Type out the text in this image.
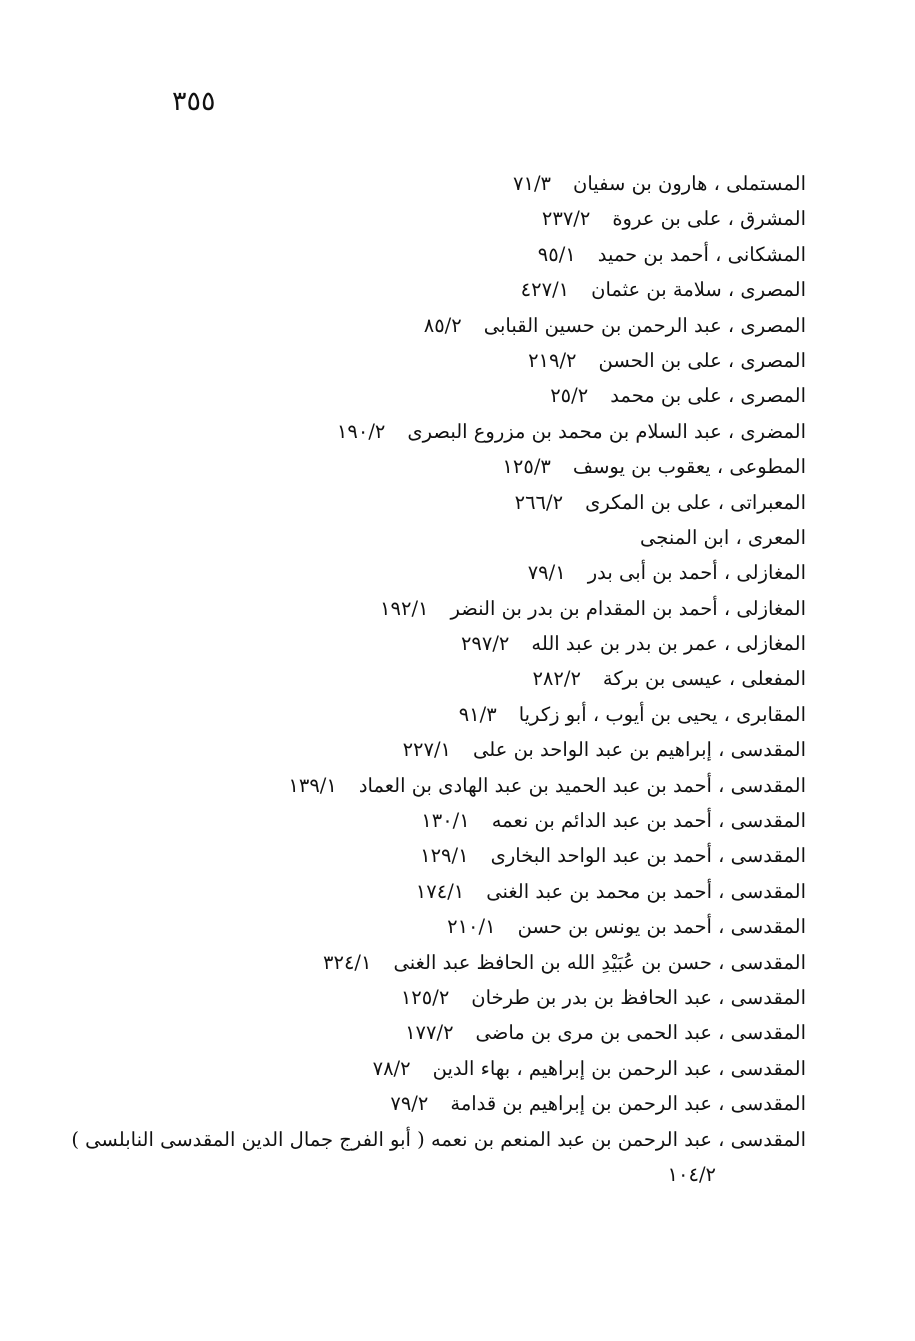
٣٥٥
المستملى ، هارون بن سفيان٧١/٣
المشرق ، على بن عروة٢٣٧/٢
المشكانى ، أحمد بن حميد٩٥/١
المصرى ، سلامة بن عثمان٤٢٧/١
المصرى ، عبد الرحمن بن حسين القبابى٨٥/٢
المصرى ، على بن الحسن٢١٩/٢
المصرى ، على بن محمد٢٥/٢
المضرى ، عبد السلام بن محمد بن مزروع البصرى١٩٠/٢
المطوعى ، يعقوب بن يوسف١٢٥/٣
المعبراتى ، على بن المكرى٢٦٦/٢
المعرى ، ابن المنجى
المغازلى ، أحمد بن أبى بدر٧٩/١
المغازلى ، أحمد بن المقدام بن بدر بن النضر١٩٢/١
المغازلى ، عمر بن بدر بن عبد الله٢٩٧/٢
المفعلى ، عيسى بن بركة٢٨٢/٢
المقابرى ، يحيى بن أيوب ، أبو زكريا٩١/٣
المقدسى ، إبراهيم بن عبد الواحد بن على٢٢٧/١
المقدسى ، أحمد بن عبد الحميد بن عبد الهادى بن العماد١٣٩/١
المقدسى ، أحمد بن عبد الدائم بن نعمه١٣٠/١
المقدسى ، أحمد بن عبد الواحد البخارى١٢٩/١
المقدسى ، أحمد بن محمد بن عبد الغنى١٧٤/١
المقدسى ، أحمد بن يونس بن حسن٢١٠/١
المقدسى ، حسن بن عُبَيْدِ الله بن الحافظ عبد الغنى٣٢٤/١
المقدسى ، عبد الحافظ بن بدر بن طرخان١٢٥/٢
المقدسى ، عبد الحمى بن مرى بن ماضى١٧٧/٢
المقدسى ، عبد الرحمن بن إبراهيم ، بهاء الدين٧٨/٢
المقدسى ، عبد الرحمن بن إبراهيم بن قدامة٧٩/٢
المقدسى ، عبد الرحمن بن عبد المنعم بن نعمه ( أبو الفرج جمال الدين المقدسى النابلسى )
١٠٤/٢
